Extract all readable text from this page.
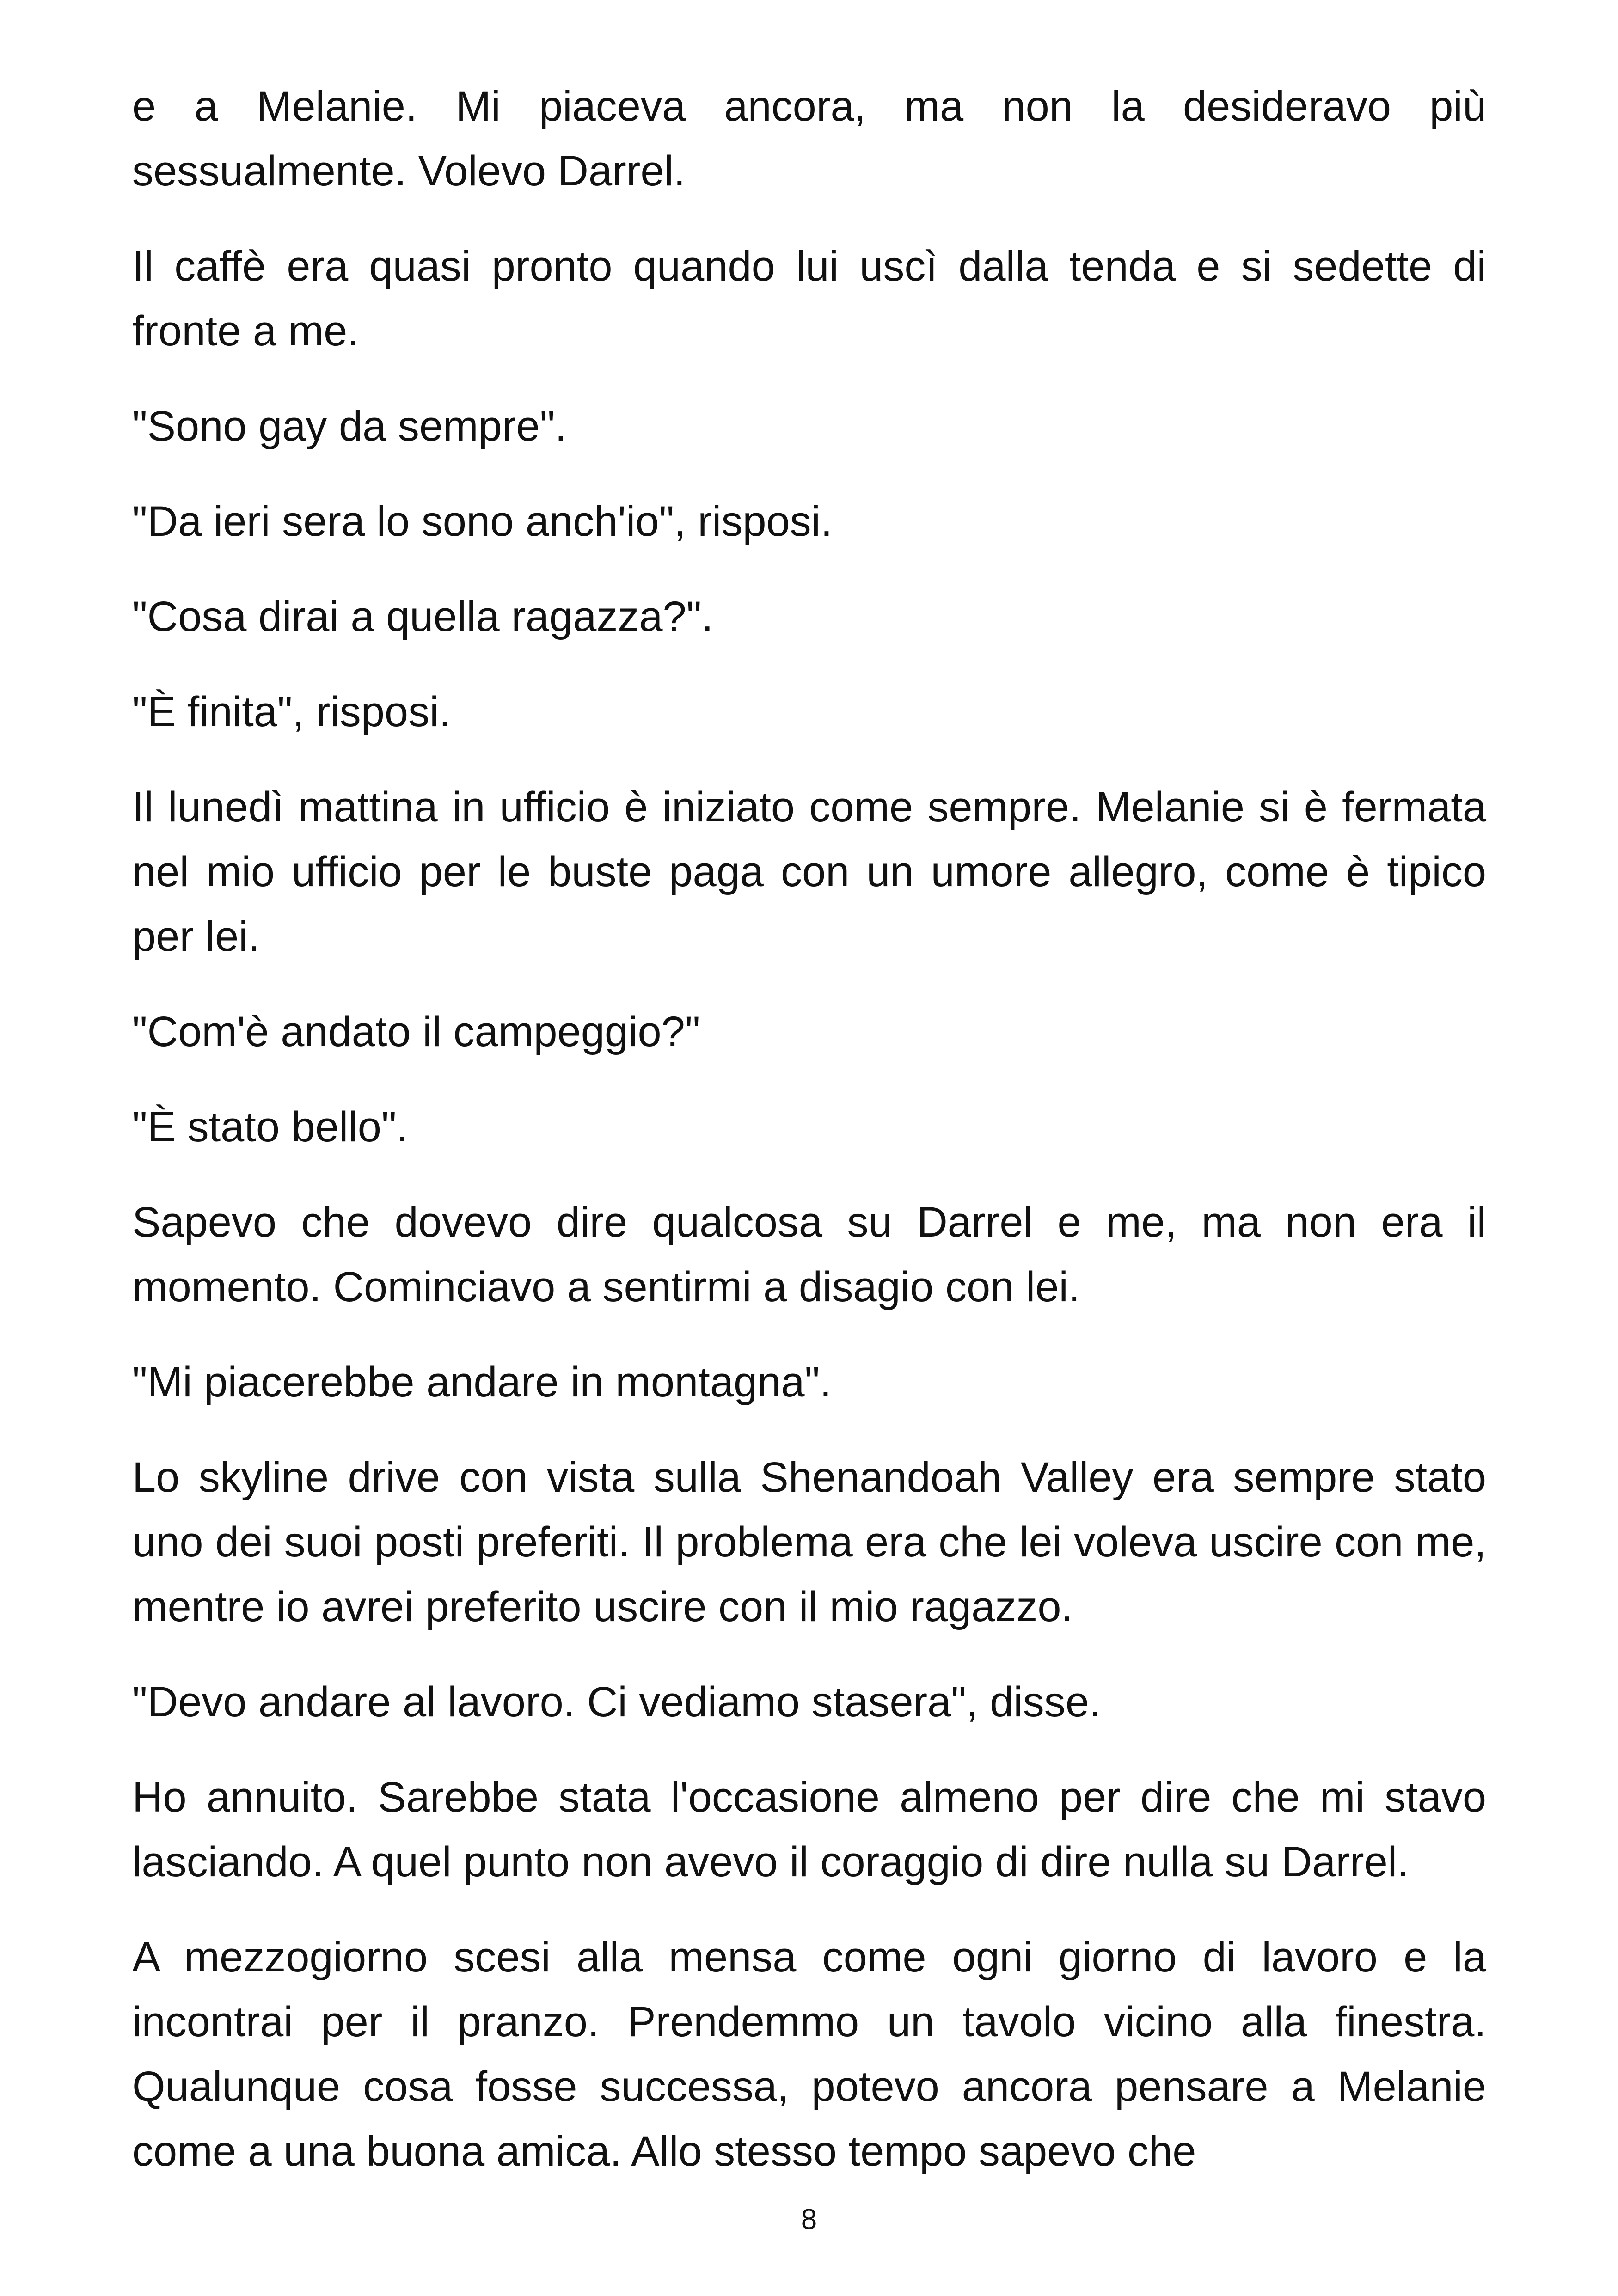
e a Melanie. Mi piaceva ancora, ma non la desideravo più sessualmente. Volevo Darrel.

Il caffè era quasi pronto quando lui uscì dalla tenda e si sedette di fronte a me.

"Sono gay da sempre".

"Da ieri sera lo sono anch'io", risposi.

"Cosa dirai a quella ragazza?".

"È finita", risposi.

Il lunedì mattina in ufficio è iniziato come sempre. Melanie si è fermata nel mio ufficio per le buste paga con un umore allegro, come è tipico per lei.

"Com'è andato il campeggio?"

"È stato bello".

Sapevo che dovevo dire qualcosa su Darrel e me, ma non era il momento. Cominciavo a sentirmi a disagio con lei.

"Mi piacerebbe andare in montagna".

Lo skyline drive con vista sulla Shenandoah Valley era sempre stato uno dei suoi posti preferiti. Il problema era che lei voleva uscire con me, mentre io avrei preferito uscire con il mio ragazzo.

"Devo andare al lavoro. Ci vediamo stasera", disse.

Ho annuito. Sarebbe stata l'occasione almeno per dire che mi stavo lasciando. A quel punto non avevo il coraggio di dire nulla su Darrel.

A mezzogiorno scesi alla mensa come ogni giorno di lavoro e la incontrai per il pranzo. Prendemmo un tavolo vicino alla finestra. Qualunque cosa fosse successa, potevo ancora pensare a Melanie come a una buona amica. Allo stesso tempo sapevo che

8
